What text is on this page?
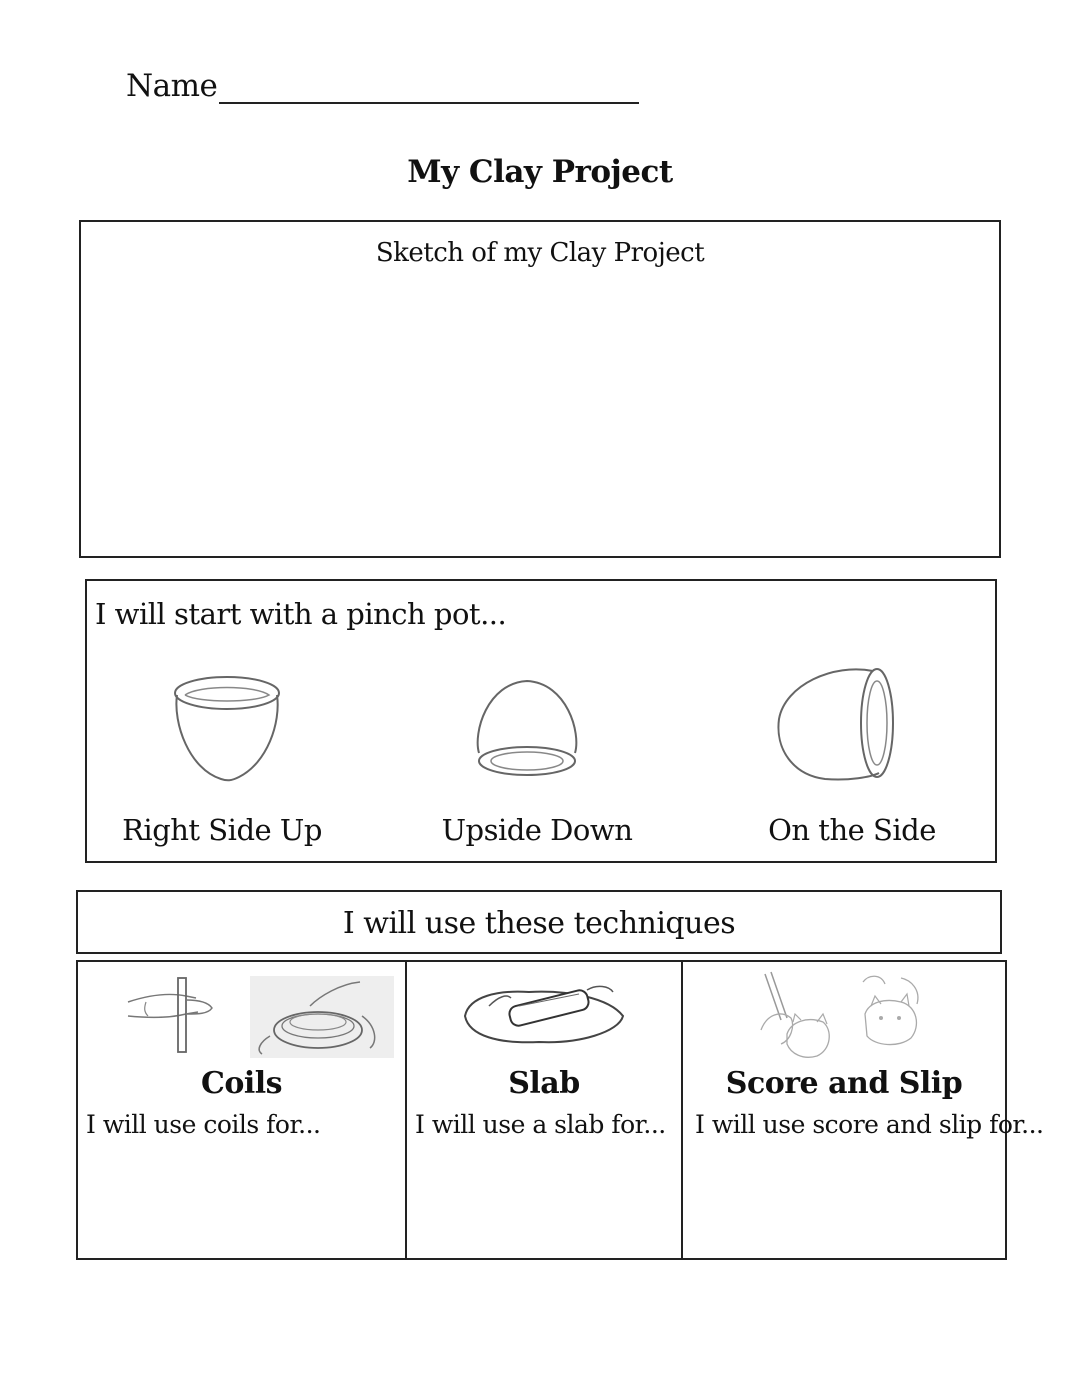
Name
My Clay Project
Sketch of my Clay Project
I will start with a pinch pot...
Right Side Up	Upside Down	On the Side
I will use these techniques
Coils
I will use coils for...
Slab
I will use a slab for...
Score and Slip
I will use score and slip for...
